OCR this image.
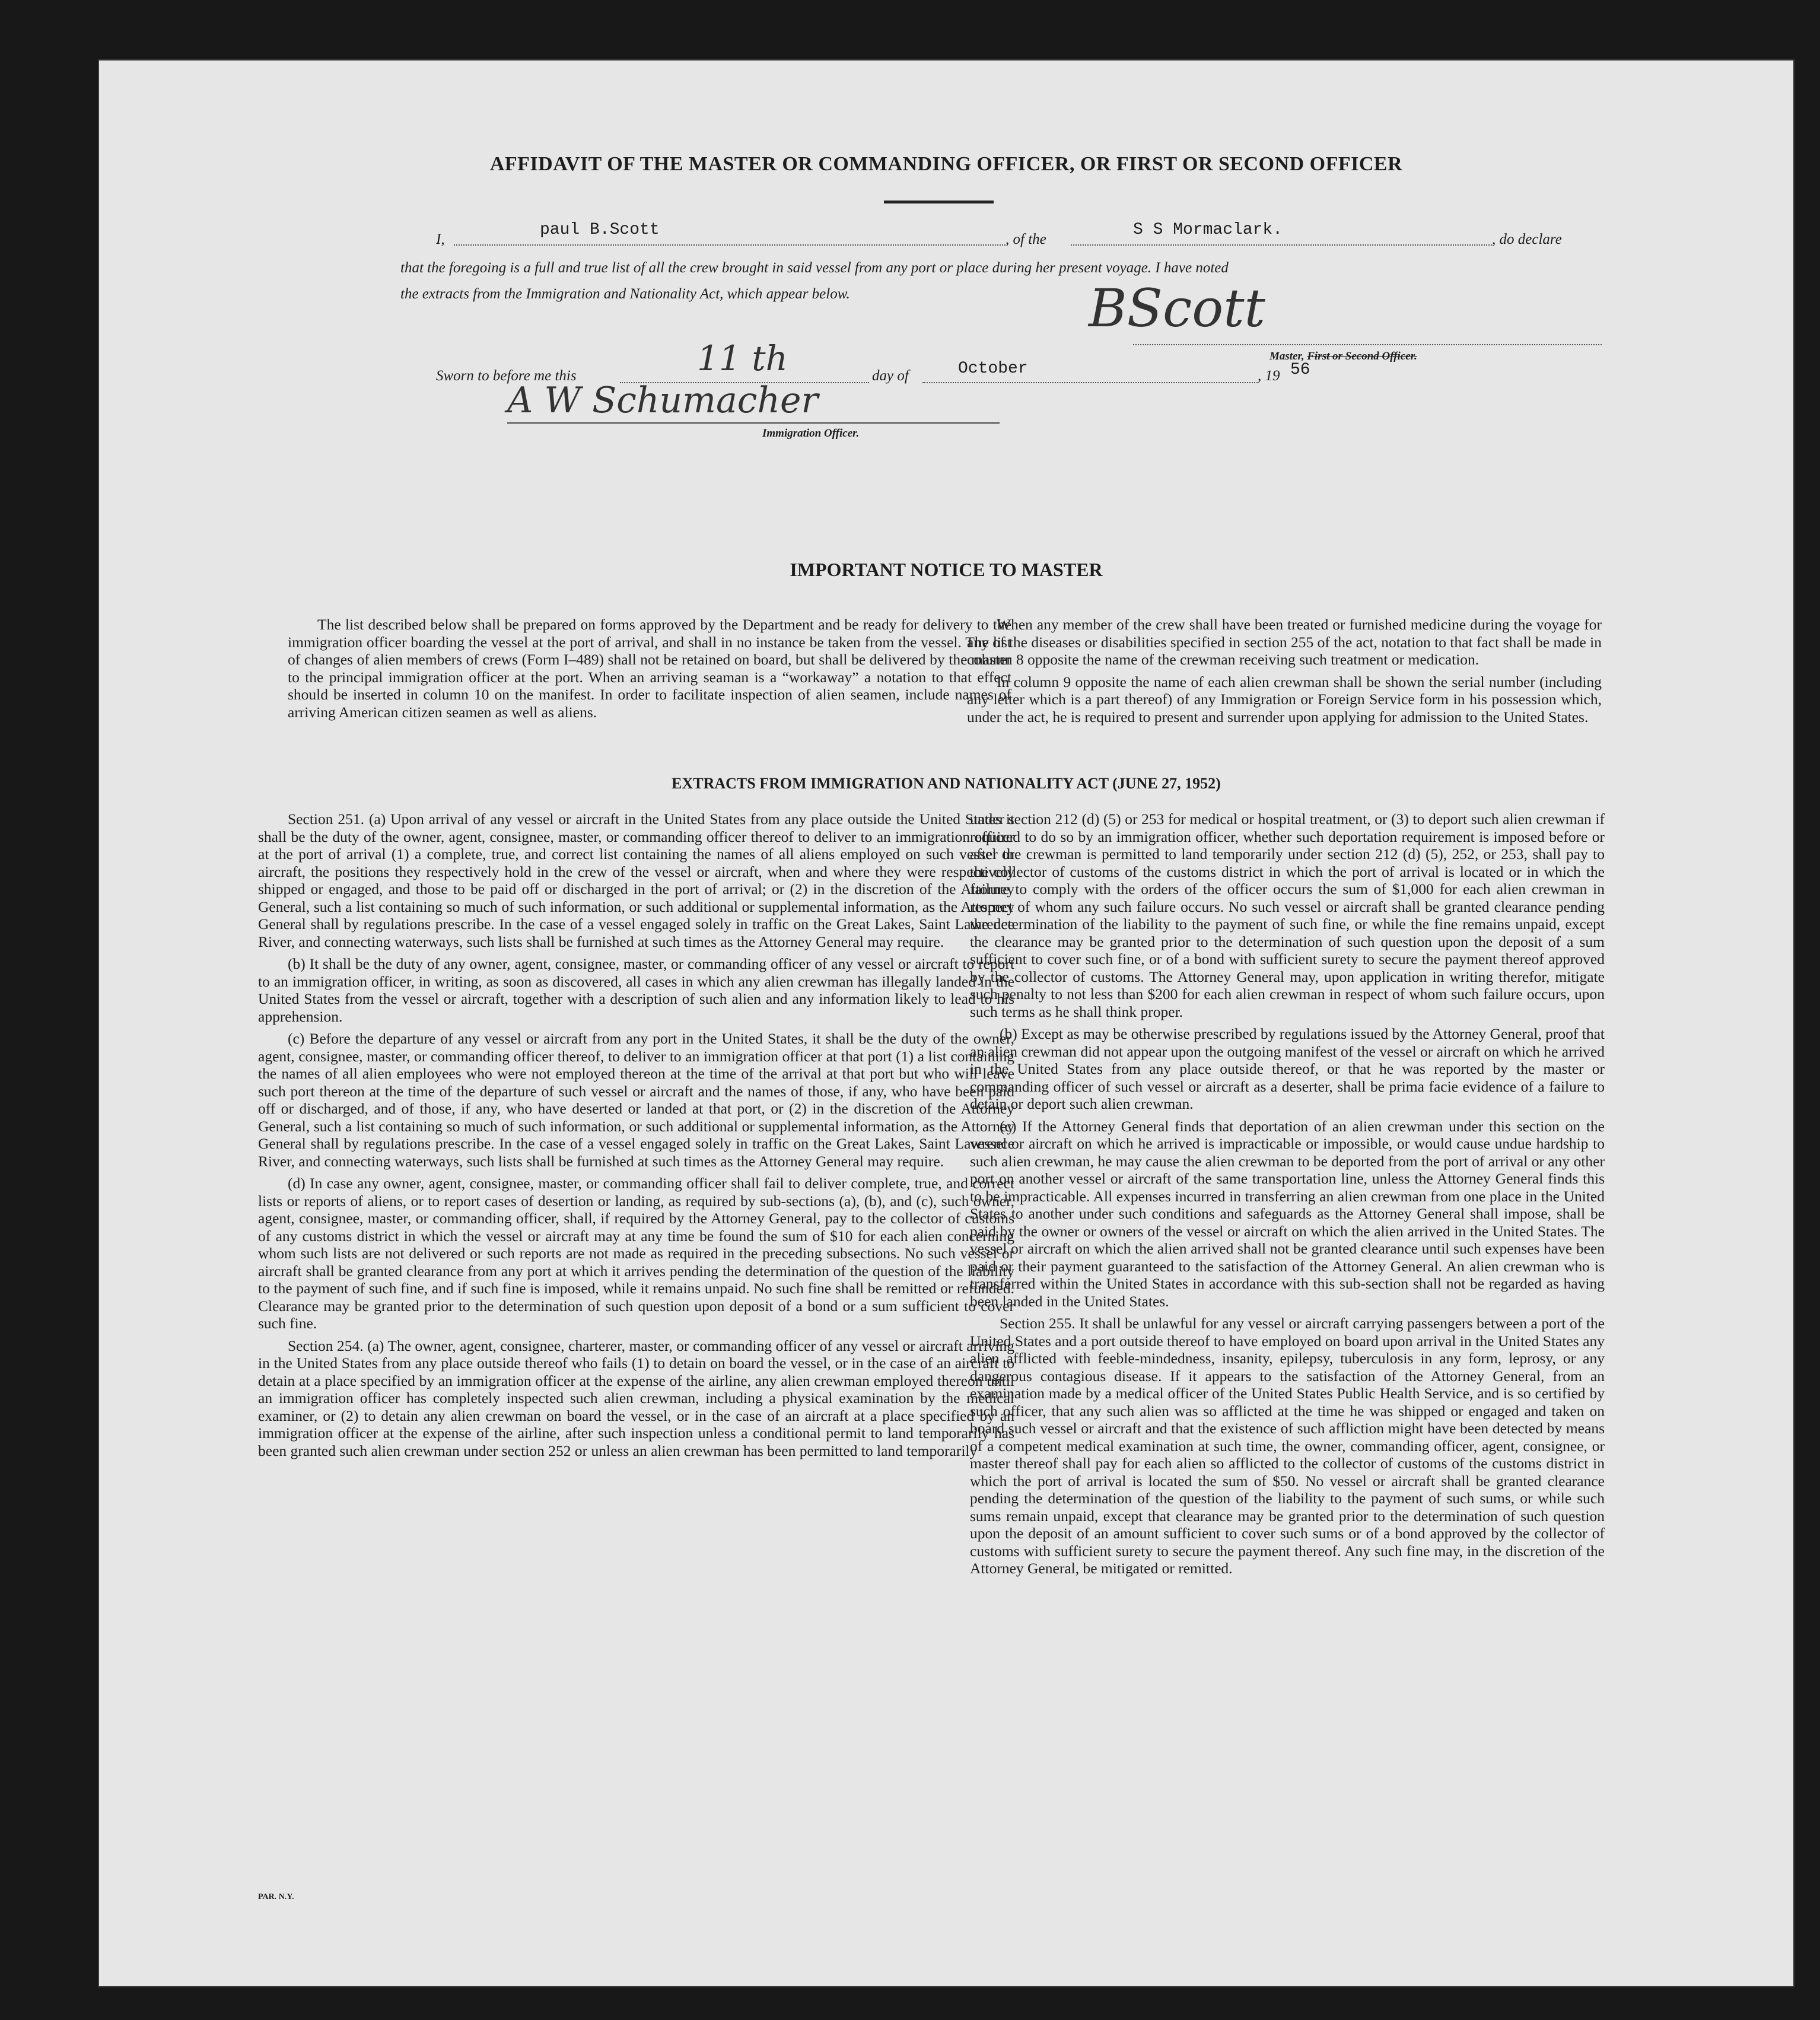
AFFIDAVIT OF THE MASTER OR COMMANDING OFFICER, OR FIRST OR SECOND OFFICER
I,
paul B.Scott
, of the
S S Mormaclark.
, do declare
that the foregoing is a full and true list of all the crew brought in said vessel from any port or place during her present voyage. I have noted
the extracts from the Immigration and Nationality Act, which appear below.	BScott
Master, First or Second Officer.
Sworn to before me this	11 th	day of	October	, 19 56
A W Schumacher
Immigration Officer.
IMPORTANT NOTICE TO MASTER

The list described below shall be prepared on forms approved by the Department and be ready for delivery to the immigration officer boarding the vessel at the port of arrival, and shall in no instance be taken from the vessel. The list of changes of alien members of crews (Form I–489) shall not be retained on board, but shall be delivered by the master to the principal immigration officer at the port. When an arriving seaman is a “workaway” a notation to that effect should be inserted in column 10 on the manifest. In order to facilitate inspection of alien seamen, include names of arriving American citizen seamen as well as aliens.

When any member of the crew shall have been treated or furnished medicine during the voyage for any of the diseases or disabilities specified in section 255 of the act, notation to that fact shall be made in column 8 opposite the name of the crewman receiving such treatment or medication.

In column 9 opposite the name of each alien crewman shall be shown the serial number (including any letter which is a part thereof) of any Immigration or Foreign Service form in his possession which, under the act, he is required to present and surrender upon applying for admission to the United States.

EXTRACTS FROM IMMIGRATION AND NATIONALITY ACT (JUNE 27, 1952)

Section 251. (a) Upon arrival of any vessel or aircraft in the United States from any place outside the United States it shall be the duty of the owner, agent, consignee, master, or commanding officer thereof to deliver to an immigration officer at the port of arrival (1) a complete, true, and correct list containing the names of all aliens employed on such vessel or aircraft, the positions they respectively hold in the crew of the vessel or aircraft, when and where they were respectively shipped or engaged, and those to be paid off or discharged in the port of arrival; or (2) in the discretion of the Attorney General, such a list containing so much of such information, or such additional or supplemental information, as the Attorney General shall by regulations prescribe. In the case of a vessel engaged solely in traffic on the Great Lakes, Saint Lawrence River, and connecting waterways, such lists shall be furnished at such times as the Attorney General may require.

(b) It shall be the duty of any owner, agent, consignee, master, or commanding officer of any vessel or aircraft to report to an immigration officer, in writing, as soon as discovered, all cases in which any alien crewman has illegally landed in the United States from the vessel or aircraft, together with a description of such alien and any information likely to lead to his apprehension.

(c) Before the departure of any vessel or aircraft from any port in the United States, it shall be the duty of the owner, agent, consignee, master, or commanding officer thereof, to deliver to an immigration officer at that port (1) a list containing the names of all alien employees who were not employed thereon at the time of the arrival at that port but who will leave such port thereon at the time of the departure of such vessel or aircraft and the names of those, if any, who have been paid off or discharged, and of those, if any, who have deserted or landed at that port, or (2) in the discretion of the Attorney General, such a list containing so much of such information, or such additional or supplemental information, as the Attorney General shall by regulations prescribe. In the case of a vessel engaged solely in traffic on the Great Lakes, Saint Lawrence River, and connecting waterways, such lists shall be furnished at such times as the Attorney General may require.

(d) In case any owner, agent, consignee, master, or commanding officer shall fail to deliver complete, true, and correct lists or reports of aliens, or to report cases of desertion or landing, as required by sub-sections (a), (b), and (c), such owner, agent, consignee, master, or commanding officer, shall, if required by the Attorney General, pay to the collector of customs of any customs district in which the vessel or aircraft may at any time be found the sum of $10 for each alien concerning whom such lists are not delivered or such reports are not made as required in the preceding subsections. No such vessel or aircraft shall be granted clearance from any port at which it arrives pending the determination of the question of the liability to the payment of such fine, and if such fine is imposed, while it remains unpaid. No such fine shall be remitted or refunded. Clearance may be granted prior to the determination of such question upon deposit of a bond or a sum sufficient to cover such fine.

Section 254. (a) The owner, agent, consignee, charterer, master, or commanding officer of any vessel or aircraft arriving in the United States from any place outside thereof who fails (1) to detain on board the vessel, or in the case of an aircraft to detain at a place specified by an immigration officer at the expense of the airline, any alien crewman employed thereon until an immigration officer has completely inspected such alien crewman, including a physical examination by the medical examiner, or (2) to detain any alien crewman on board the vessel, or in the case of an aircraft at a place specified by an immigration officer at the expense of the airline, after such inspection unless a conditional permit to land temporarily has been granted such alien crewman under section 252 or unless an alien crewman has been permitted to land temporarily

under section 212 (d) (5) or 253 for medical or hospital treatment, or (3) to deport such alien crewman if required to do so by an immigration officer, whether such deportation requirement is imposed before or after the crewman is permitted to land temporarily under section 212 (d) (5), 252, or 253, shall pay to the collector of customs of the customs district in which the port of arrival is located or in which the failure to comply with the orders of the officer occurs the sum of $1,000 for each alien crewman in respect of whom any such failure occurs. No such vessel or aircraft shall be granted clearance pending the determination of the liability to the payment of such fine, or while the fine remains unpaid, except the clearance may be granted prior to the determination of such question upon the deposit of a sum sufficient to cover such fine, or of a bond with sufficient surety to secure the payment thereof approved by the collector of customs. The Attorney General may, upon application in writing therefor, mitigate such penalty to not less than $200 for each alien crewman in respect of whom such failure occurs, upon such terms as he shall think proper.

(b) Except as may be otherwise prescribed by regulations issued by the Attorney General, proof that an alien crewman did not appear upon the outgoing manifest of the vessel or aircraft on which he arrived in the United States from any place outside thereof, or that he was reported by the master or commanding officer of such vessel or aircraft as a deserter, shall be prima facie evidence of a failure to detain or deport such alien crewman.

(c) If the Attorney General finds that deportation of an alien crewman under this section on the vessel or aircraft on which he arrived is impracticable or impossible, or would cause undue hardship to such alien crewman, he may cause the alien crewman to be deported from the port of arrival or any other port on another vessel or aircraft of the same transportation line, unless the Attorney General finds this to be impracticable. All expenses incurred in transferring an alien crewman from one place in the United States to another under such conditions and safeguards as the Attorney General shall impose, shall be paid by the owner or owners of the vessel or aircraft on which the alien arrived in the United States. The vessel or aircraft on which the alien arrived shall not be granted clearance until such expenses have been paid or their payment guaranteed to the satisfaction of the Attorney General. An alien crewman who is transferred within the United States in accordance with this sub-section shall not be regarded as having been landed in the United States.

Section 255. It shall be unlawful for any vessel or aircraft carrying passengers between a port of the United States and a port outside thereof to have employed on board upon arrival in the United States any alien afflicted with feeble-mindedness, insanity, epilepsy, tuberculosis in any form, leprosy, or any dangerous contagious disease. If it appears to the satisfaction of the Attorney General, from an examination made by a medical officer of the United States Public Health Service, and is so certified by such officer, that any such alien was so afflicted at the time he was shipped or engaged and taken on board such vessel or aircraft and that the existence of such affliction might have been detected by means of a competent medical examination at such time, the owner, commanding officer, agent, consignee, or master thereof shall pay for each alien so afflicted to the collector of customs of the customs district in which the port of arrival is located the sum of $50. No vessel or aircraft shall be granted clearance pending the determination of the question of the liability to the payment of such sums, or while such sums remain unpaid, except that clearance may be granted prior to the determination of such question upon the deposit of an amount sufficient to cover such sums or of a bond approved by the collector of customs with sufficient surety to secure the payment thereof. Any such fine may, in the discretion of the Attorney General, be mitigated or remitted.

PAR. N.Y.
